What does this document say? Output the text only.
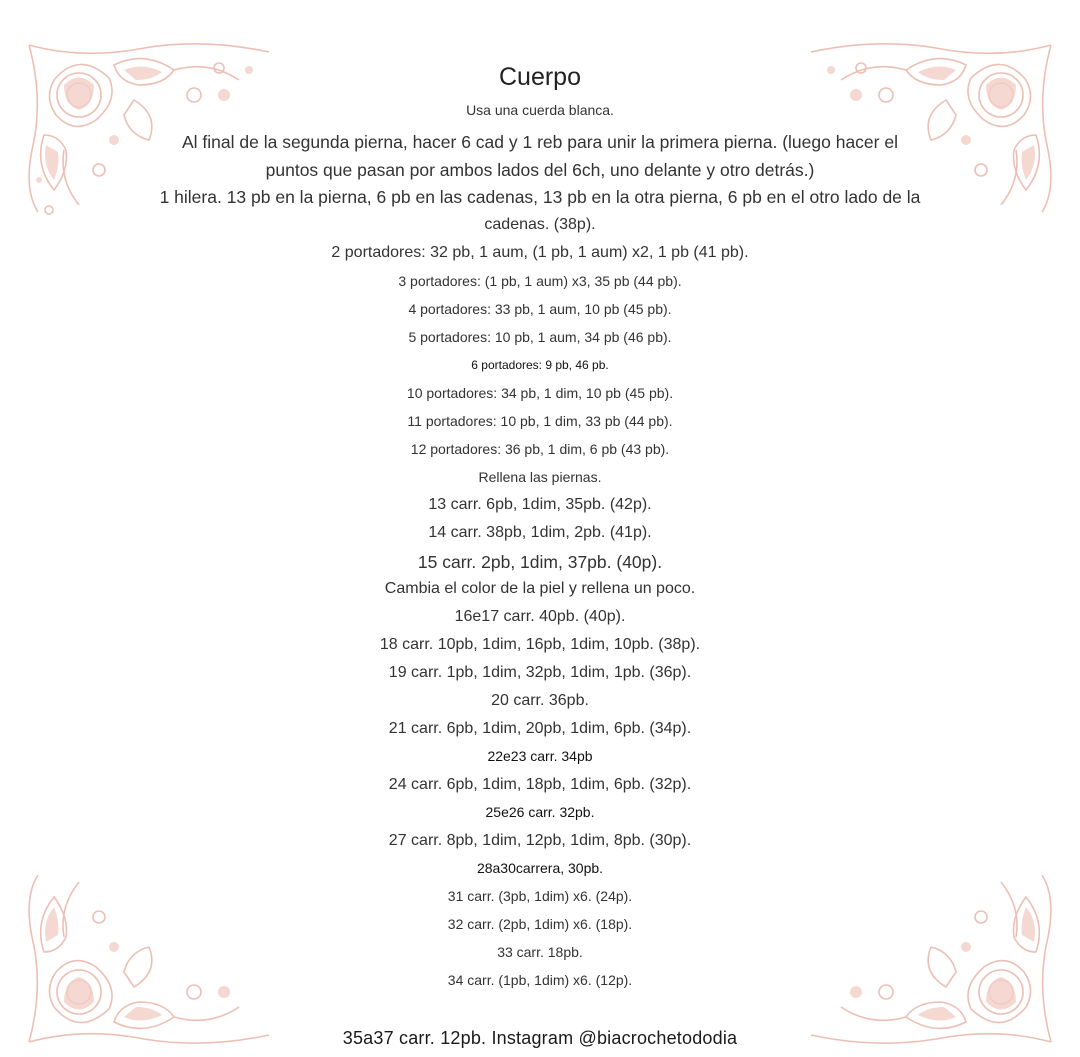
Cuerpo
Usa una cuerda blanca.
Al final de la segunda pierna, hacer 6 cad y 1 reb para unir la primera pierna. (luego hacer el
puntos que pasan por ambos lados del 6ch, uno delante y otro detrás.)
1 hilera. 13 pb en la pierna, 6 pb en las cadenas, 13 pb en la otra pierna, 6 pb en el otro lado de la
cadenas. (38p).
2 portadores: 32 pb, 1 aum, (1 pb, 1 aum) x2, 1 pb (41 pb).
3 portadores: (1 pb, 1 aum) x3, 35 pb (44 pb).
4 portadores: 33 pb, 1 aum, 10 pb (45 pb).
5 portadores: 10 pb, 1 aum, 34 pb (46 pb).
6 portadores: 9 pb, 46 pb.
10 portadores: 34 pb, 1 dim, 10 pb (45 pb).
11 portadores: 10 pb, 1 dim, 33 pb (44 pb).
12 portadores: 36 pb, 1 dim, 6 pb (43 pb).
Rellena las piernas.
13 carr. 6pb, 1dim, 35pb. (42p).
14 carr. 38pb, 1dim, 2pb. (41p).
15 carr. 2pb, 1dim, 37pb. (40p).
Cambia el color de la piel y rellena un poco.
16e17 carr. 40pb. (40p).
18 carr. 10pb, 1dim, 16pb, 1dim, 10pb. (38p).
19 carr. 1pb, 1dim, 32pb, 1dim, 1pb. (36p).
20 carr. 36pb.
21 carr. 6pb, 1dim, 20pb, 1dim, 6pb. (34p).
22e23 carr. 34pb
24 carr. 6pb, 1dim, 18pb, 1dim, 6pb. (32p).
25e26 carr. 32pb.
27 carr. 8pb, 1dim, 12pb, 1dim, 8pb. (30p).
28a30carrera, 30pb.
31 carr. (3pb, 1dim) x6. (24p).
32 carr. (2pb, 1dim) x6. (18p).
33 carr. 18pb.
34 carr. (1pb, 1dim) x6. (12p).
35a37 carr. 12pb. Instagram @biacrochetododia
